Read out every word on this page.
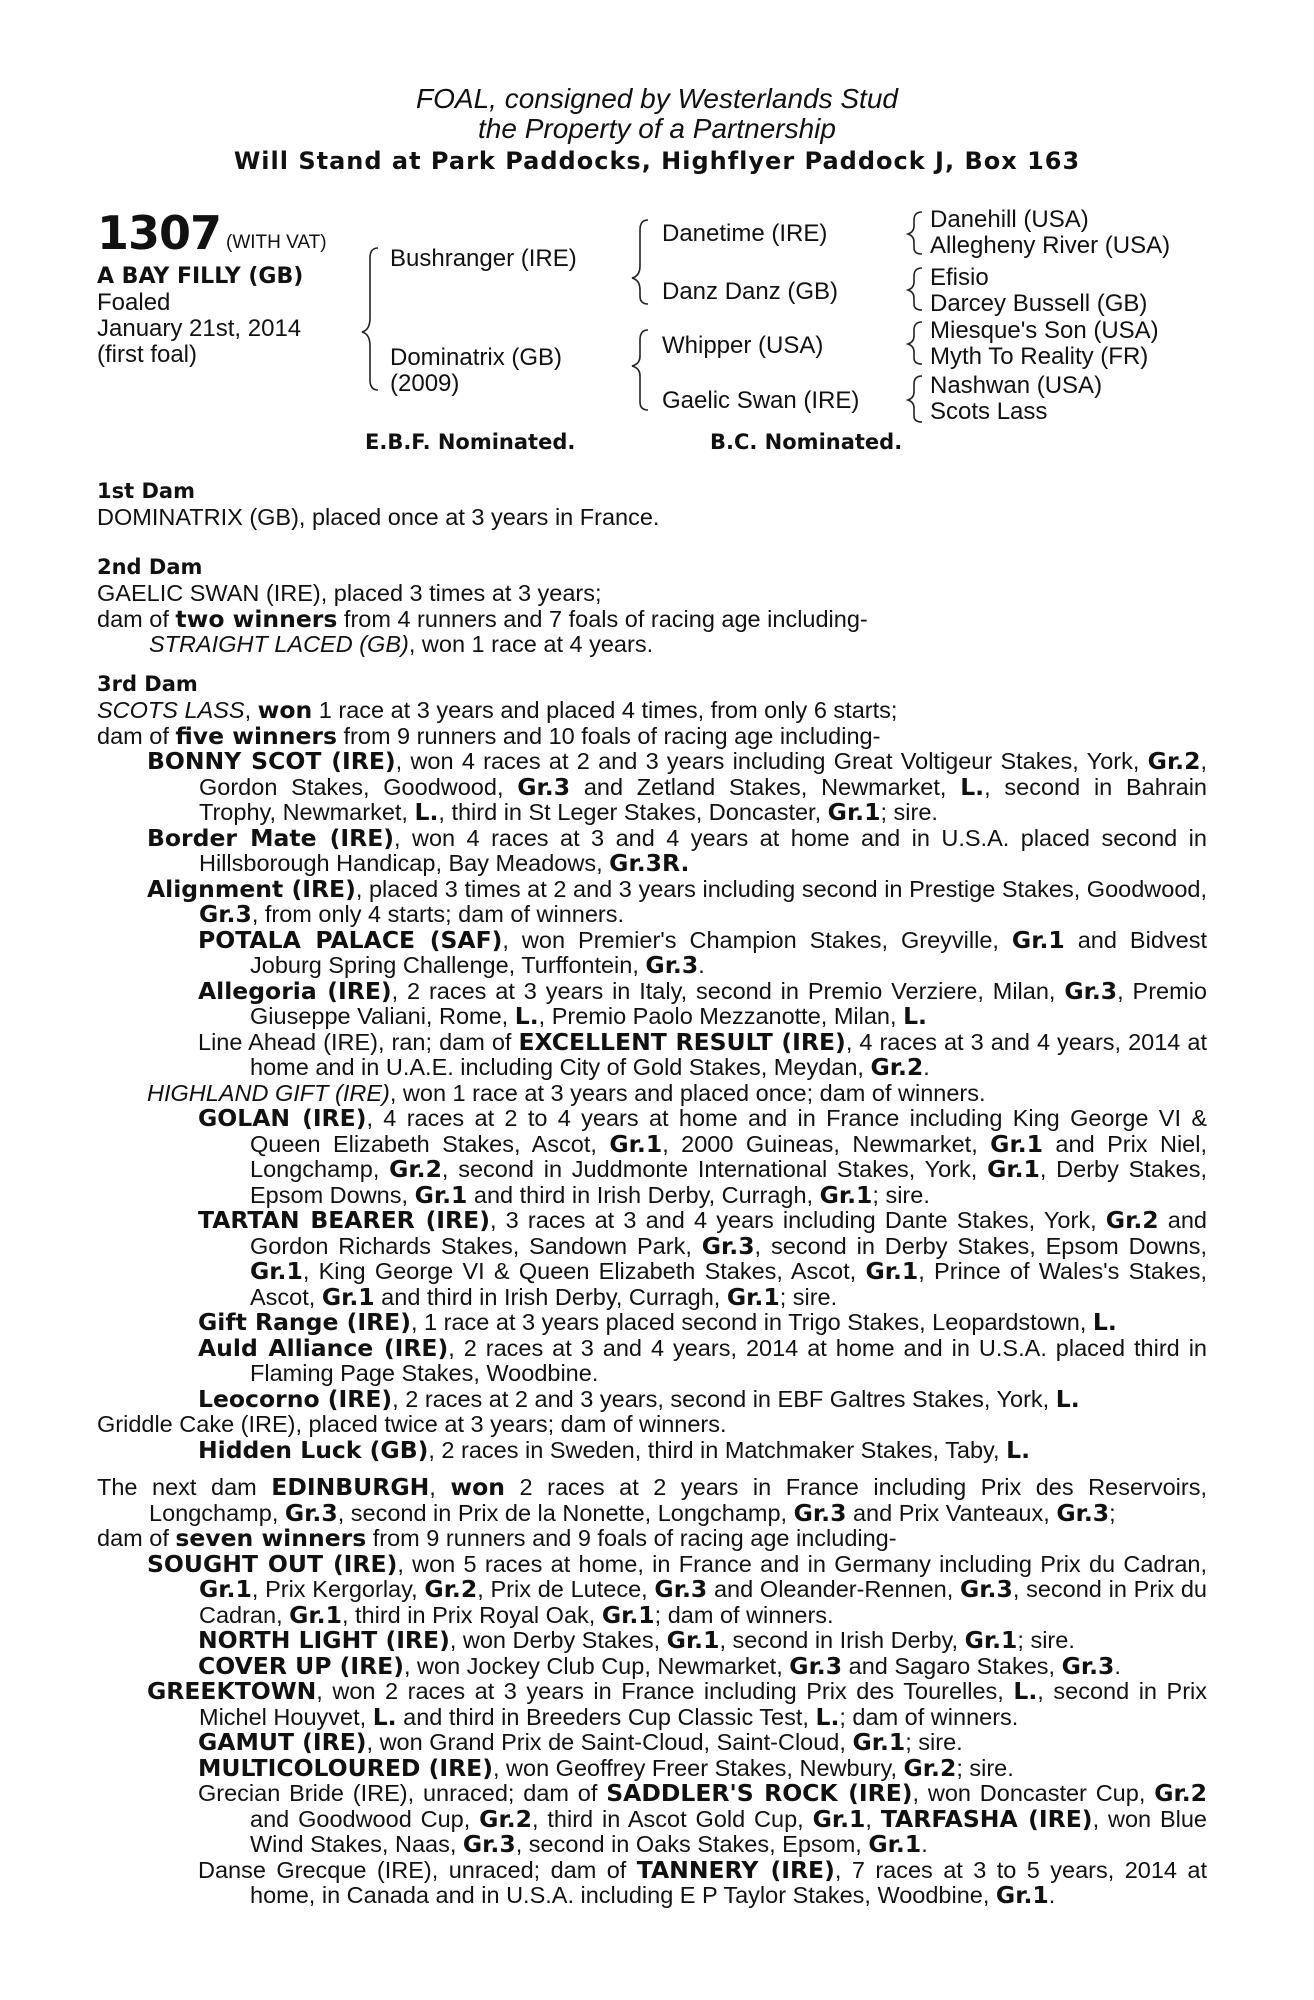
FOAL, consigned by Westerlands Stud
the Property of a Partnership
Will Stand at Park Paddocks, Highflyer Paddock J, Box 163
1307 (WITH VAT)
A BAY FILLY (GB)
Foaled
January 21st, 2014
(first foal)
Bushranger (IRE)
Dominatrix (GB)
(2009)
Danetime (IRE)
Danz Danz (GB)
Whipper (USA)
Gaelic Swan (IRE)
Danehill (USA)
Allegheny River (USA)
Efisio
Darcey Bussell (GB)
Miesque's Son (USA)
Myth To Reality (FR)
Nashwan (USA)
Scots Lass
E.B.F. Nominated.	B.C. Nominated.
1st Dam
DOMINATRIX (GB), placed once at 3 years in France.
2nd Dam

GAELIC SWAN (IRE), placed 3 times at 3 years;

dam of two winners from 4 runners and 7 foals of racing age including-

STRAIGHT LACED (GB), won 1 race at 4 years.

3rd Dam

SCOTS LASS, won 1 race at 3 years and placed 4 times, from only 6 starts;

dam of five winners from 9 runners and 10 foals of racing age including-

BONNY SCOT (IRE), won 4 races at 2 and 3 years including Great Voltigeur Stakes, York, Gr.2, Gordon Stakes, Goodwood, Gr.3 and Zetland Stakes, Newmarket, L., second in Bahrain Trophy, Newmarket, L., third in St Leger Stakes, Doncaster, Gr.1; sire.

Border Mate (IRE), won 4 races at 3 and 4 years at home and in U.S.A. placed second in Hillsborough Handicap, Bay Meadows, Gr.3R.

Alignment (IRE), placed 3 times at 2 and 3 years including second in Prestige Stakes, Goodwood, Gr.3, from only 4 starts; dam of winners.

POTALA PALACE (SAF), won Premier's Champion Stakes, Greyville, Gr.1 and Bidvest Joburg Spring Challenge, Turffontein, Gr.3.

Allegoria (IRE), 2 races at 3 years in Italy, second in Premio Verziere, Milan, Gr.3, Premio Giuseppe Valiani, Rome, L., Premio Paolo Mezzanotte, Milan, L.

Line Ahead (IRE), ran; dam of EXCELLENT RESULT (IRE), 4 races at 3 and 4 years, 2014 at home and in U.A.E. including City of Gold Stakes, Meydan, Gr.2.

HIGHLAND GIFT (IRE), won 1 race at 3 years and placed once; dam of winners.

GOLAN (IRE), 4 races at 2 to 4 years at home and in France including King George VI & Queen Elizabeth Stakes, Ascot, Gr.1, 2000 Guineas, Newmarket, Gr.1 and Prix Niel, Longchamp, Gr.2, second in Juddmonte International Stakes, York, Gr.1, Derby Stakes, Epsom Downs, Gr.1 and third in Irish Derby, Curragh, Gr.1; sire.

TARTAN BEARER (IRE), 3 races at 3 and 4 years including Dante Stakes, York, Gr.2 and Gordon Richards Stakes, Sandown Park, Gr.3, second in Derby Stakes, Epsom Downs, Gr.1, King George VI & Queen Elizabeth Stakes, Ascot, Gr.1, Prince of Wales's Stakes, Ascot, Gr.1 and third in Irish Derby, Curragh, Gr.1; sire.

Gift Range (IRE), 1 race at 3 years placed second in Trigo Stakes, Leopardstown, L.

Auld Alliance (IRE), 2 races at 3 and 4 years, 2014 at home and in U.S.A. placed third in Flaming Page Stakes, Woodbine.

Leocorno (IRE), 2 races at 2 and 3 years, second in EBF Galtres Stakes, York, L.

Griddle Cake (IRE), placed twice at 3 years; dam of winners.

Hidden Luck (GB), 2 races in Sweden, third in Matchmaker Stakes, Taby, L.

The next dam EDINBURGH, won 2 races at 2 years in France including Prix des Reservoirs, Longchamp, Gr.3, second in Prix de la Nonette, Longchamp, Gr.3 and Prix Vanteaux, Gr.3;

dam of seven winners from 9 runners and 9 foals of racing age including-

SOUGHT OUT (IRE), won 5 races at home, in France and in Germany including Prix du Cadran, Gr.1, Prix Kergorlay, Gr.2, Prix de Lutece, Gr.3 and Oleander-Rennen, Gr.3, second in Prix du Cadran, Gr.1, third in Prix Royal Oak, Gr.1; dam of winners.

NORTH LIGHT (IRE), won Derby Stakes, Gr.1, second in Irish Derby, Gr.1; sire.

COVER UP (IRE), won Jockey Club Cup, Newmarket, Gr.3 and Sagaro Stakes, Gr.3.

GREEKTOWN, won 2 races at 3 years in France including Prix des Tourelles, L., second in Prix Michel Houyvet, L. and third in Breeders Cup Classic Test, L.; dam of winners.

GAMUT (IRE), won Grand Prix de Saint-Cloud, Saint-Cloud, Gr.1; sire.

MULTICOLOURED (IRE), won Geoffrey Freer Stakes, Newbury, Gr.2; sire.

Grecian Bride (IRE), unraced; dam of SADDLER'S ROCK (IRE), won Doncaster Cup, Gr.2 and Goodwood Cup, Gr.2, third in Ascot Gold Cup, Gr.1, TARFASHA (IRE), won Blue Wind Stakes, Naas, Gr.3, second in Oaks Stakes, Epsom, Gr.1.

Danse Grecque (IRE), unraced; dam of TANNERY (IRE), 7 races at 3 to 5 years, 2014 at home, in Canada and in U.S.A. including E P Taylor Stakes, Woodbine, Gr.1.
